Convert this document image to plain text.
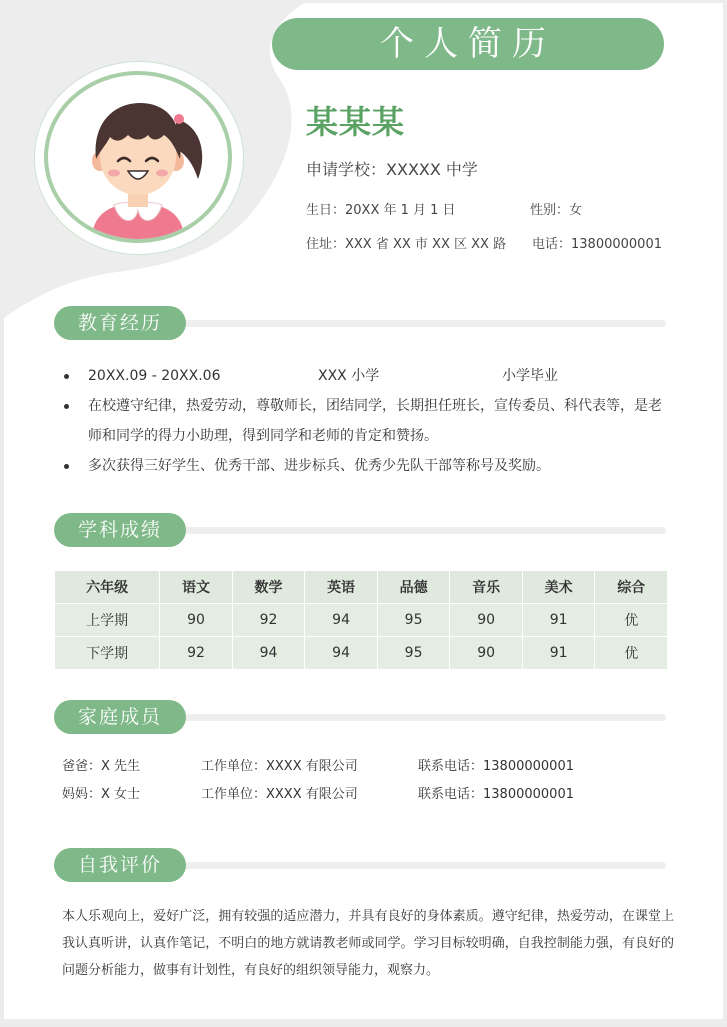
个人简历
某某某
申请学校：XXXXX 中学
生日：20XX 年 1 月 1 日	性别：女
住址：XXX 省 XX 市 XX 区 XX 路 电话：13800000001
教育经历
20XX.09 - 20XX.06	XXX 小学	小学毕业
在校遵守纪律，热爱劳动，尊敬师长，团结同学，长期担任班长，宣传委员、科代表等，是老师和同学的得力小助理，得到同学和老师的肯定和赞扬。
多次获得三好学生、优秀干部、进步标兵、优秀少先队干部等称号及奖励。
学科成绩
六年级	语文	数学	英语	品德	音乐	美术	综合
上学期	90	92	94	95	90	91	优
下学期	92	94	94	95	90	91	优
家庭成员
爸爸：X 先生	工作单位：XXXX 有限公司	联系电话：13800000001
妈妈：X 女士	工作单位：XXXX 有限公司	联系电话：13800000001
自我评价
本人乐观向上，爱好广泛，拥有较强的适应潜力，并具有良好的身体素质。遵守纪律，热爱劳动，在课堂上我认真听讲，认真作笔记，不明白的地方就请教老师或同学。学习目标较明确，自我控制能力强，有良好的问题分析能力，做事有计划性，有良好的组织领导能力，观察力。
